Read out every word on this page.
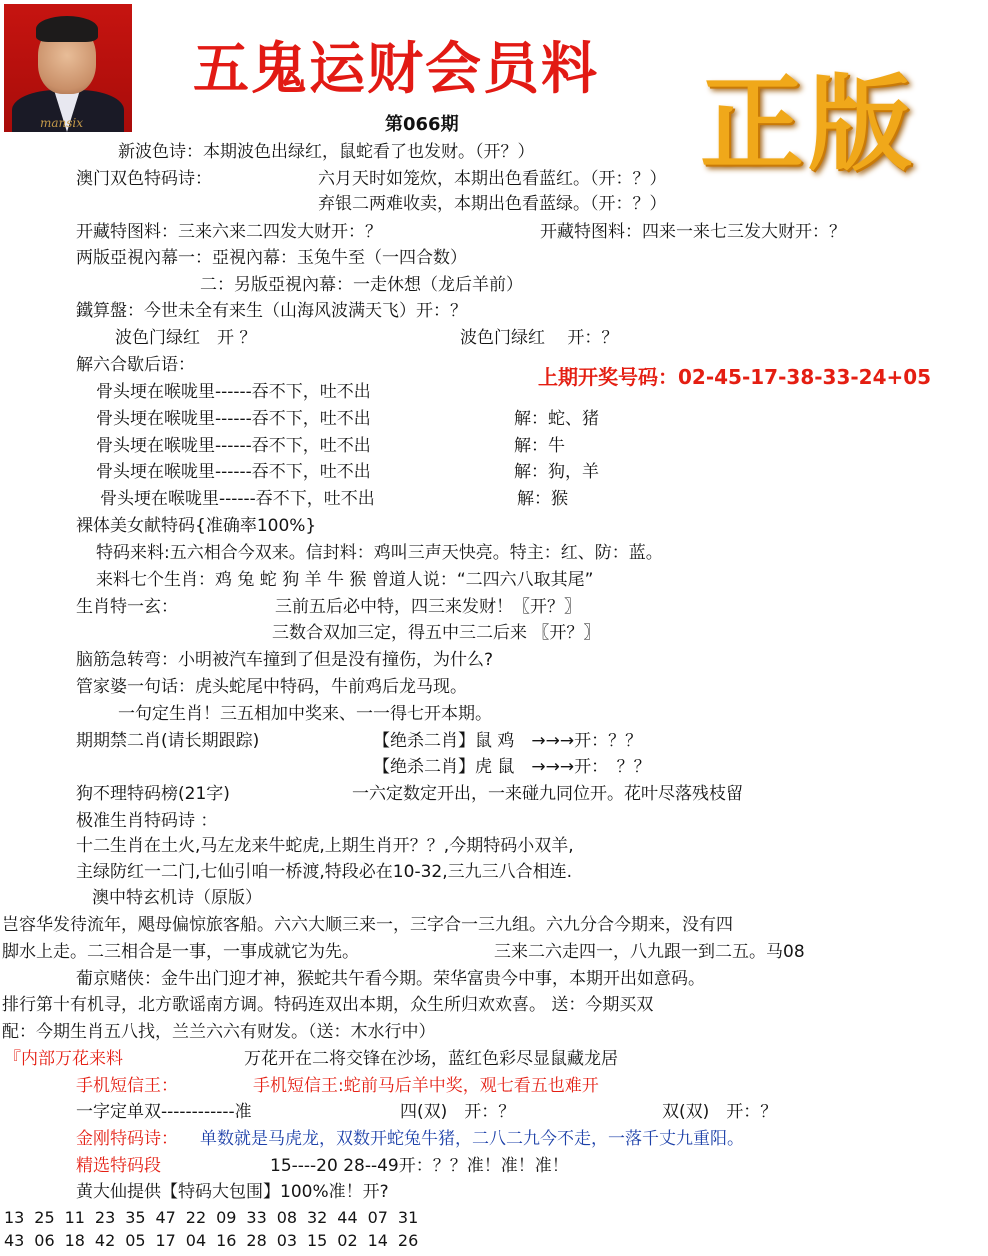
mansix
五鬼运财会员料 正版
第066期
上期开奖号码：02-45-17-38-33-24+05
新波色诗：本期波色出绿红，鼠蛇看了也发财。（开？）
澳门双色特码诗：	六月天时如笼炊，本期出色看蓝红。（开：？）
弃银二两难收卖，本期出色看蓝绿。（开：？）
开藏特图料：三来六来二四发大财开：？	开藏特图料：四来一来七三发大财开：？
两版亞視內幕一：亞視內幕：玉兔牛至（一四合数）
二：另版亞視內幕：一走休想（龙后羊前）
鐵算盤：今世未全有来生（山海风波满天飞）开：？
波色门绿红　开 ？	波色门绿红　 开：？
解六合歇后语：
骨头埂在喉咙里------吞不下，吐不出
骨头埂在喉咙里------吞不下，吐不出	解：蛇、猪
骨头埂在喉咙里------吞不下，吐不出	解：牛
骨头埂在喉咙里------吞不下，吐不出	解：狗，羊
骨头埂在喉咙里------吞不下，吐不出	解：猴
裸体美女献特码{准确率100%}
特码来料:五六相合今双来。信封料：鸡叫三声天快亮。特主：红、防：蓝。
来料七个生肖：鸡 兔 蛇 狗 羊 牛 猴 曾道人说：“二四六八取其尾”
生肖特一玄：	三前五后必中特，四三来发财！〖开？〗
三数合双加三定，得五中三二后来 〖开？〗
脑筋急转弯：小明被汽车撞到了但是没有撞伤，为什么?
管家婆一句话：虎头蛇尾中特码，牛前鸡后龙马现。
一句定生肖！三五相加中奖来、一一得七开本期。
期期禁二肖(请长期跟踪)	【绝杀二肖】鼠 鸡　→→→开：？？
【绝杀二肖】虎 鼠　→→→开：　？？
狗不理特码榜(21字)	一六定数定开出，一来碰九同位开。花叶尽落残枝留
极准生肖特码诗 ：
十二生肖在土火,马左龙来牛蛇虎,上期生肖开？？,今期特码小双羊,
主绿防红一二门,七仙引咱一桥渡,特段必在10-32,三九三八合相连.
澳中特玄机诗（原版）
岂容华发待流年，飓母偏惊旅客船。六六大顺三来一，三字合一三九组。六九分合今期来，没有四
脚水上走。二三相合是一事，一事成就它为先。	三来二六走四一，八九跟一到二五。马08
葡京赌侠：金牛出门迎才神，猴蛇共午看今期。荣华富贵今中事，本期开出如意码。
排行第十有机寻，北方歌谣南方调。特码连双出本期，众生所归欢欢喜。 送：今期买双
配：今期生肖五八找，兰兰六六有财发。（送：木水行中）
『内部万花来料	万花开在二将交锋在沙场，蓝红色彩尽显鼠藏龙居
手机短信王：	手机短信王:蛇前马后羊中奖，观七看五也难开
一字定单双------------准	四(双)　开：？	双(双)　开：？
金刚特码诗： 单数就是马虎龙，双数开蛇兔牛猪，二八二九今不走，一落千丈九重阳。
精选特码段	15----20 28--49开：？？准！准！准！
黄大仙提供【特码大包围】100%准！开?
13 25 11 23 35 47 22 09 33 08 32 44 07 31
43 06 18 42 05 17 04 16 28 03 15 02 14 26
